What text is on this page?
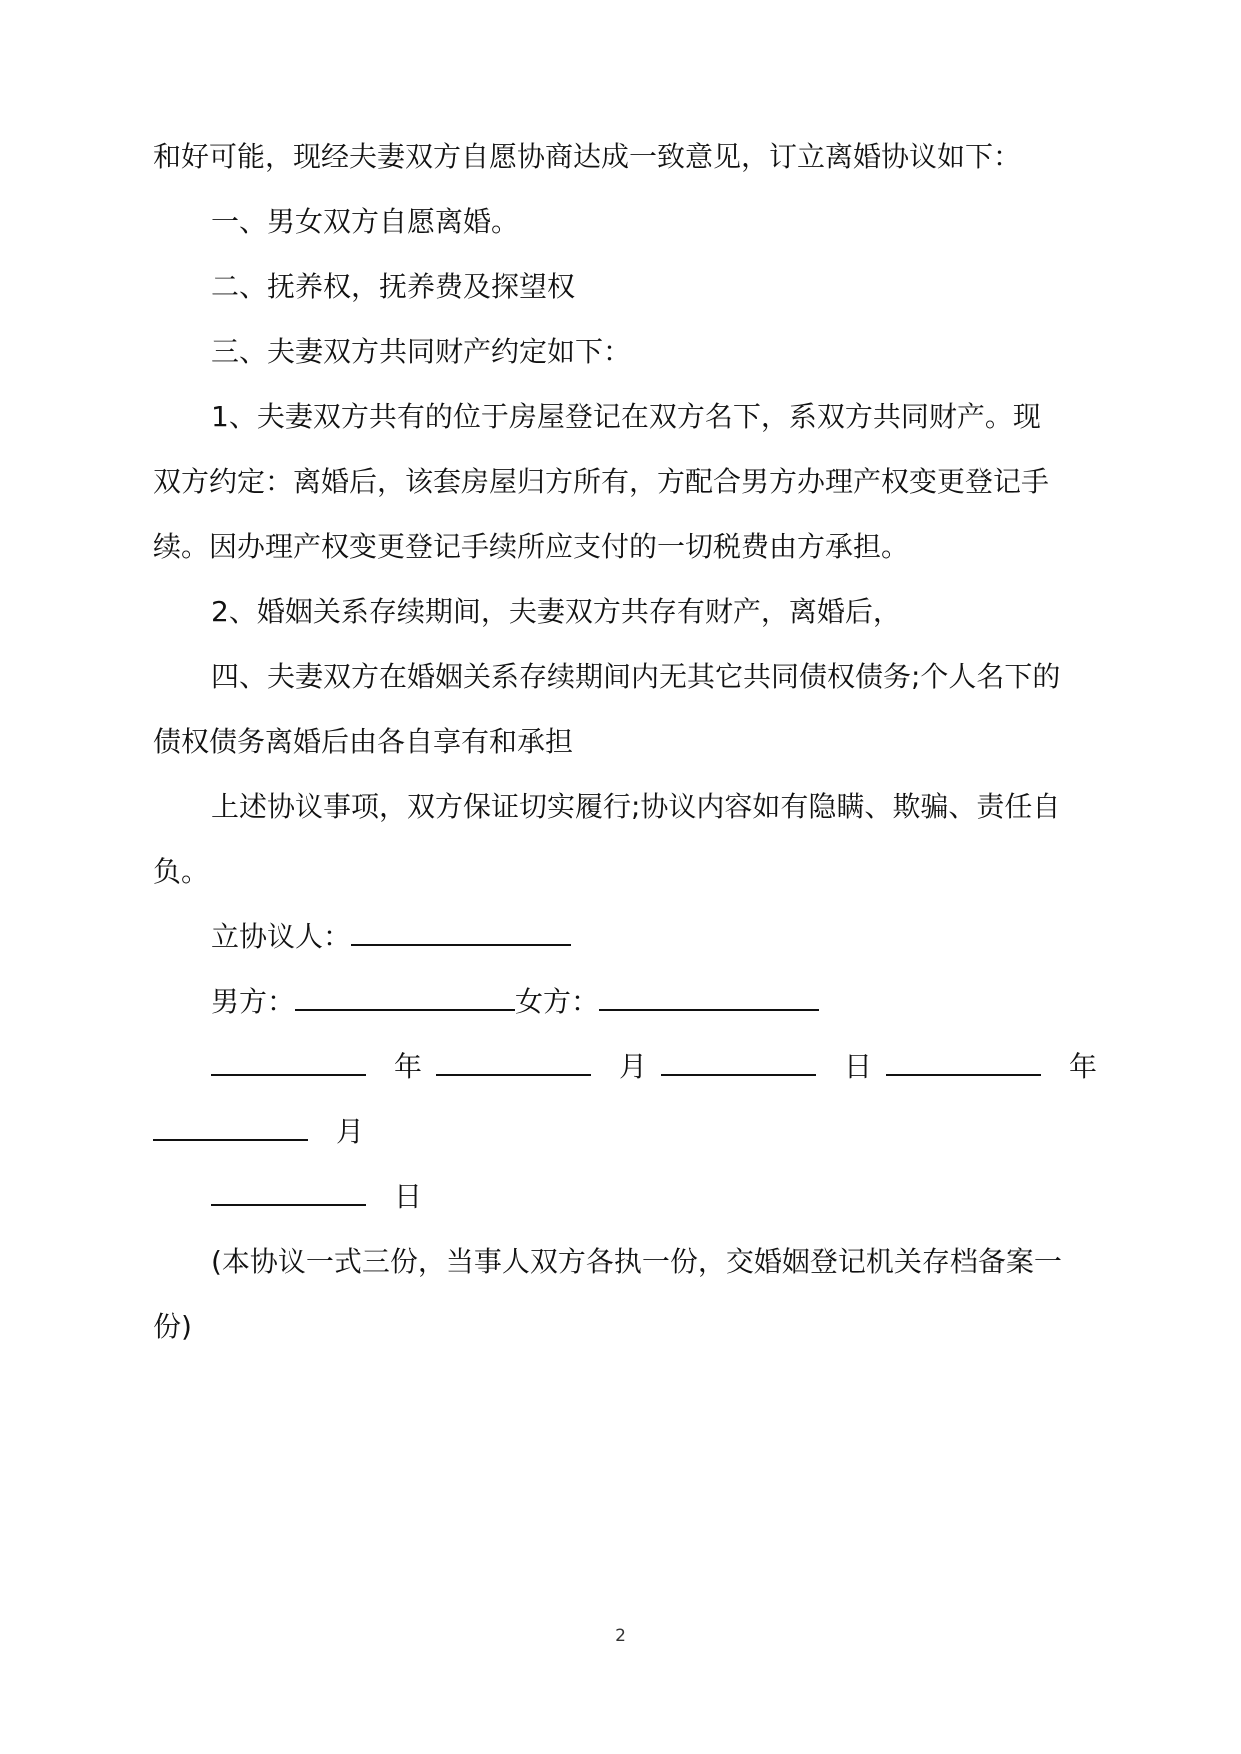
和好可能，现经夫妻双方自愿协商达成一致意见，订立离婚协议如下：

一、男女双方自愿离婚。

二、抚养权，抚养费及探望权

三、夫妻双方共同财产约定如下：

1、夫妻双方共有的位于房屋登记在双方名下，系双方共同财产。现

双方约定：离婚后，该套房屋归方所有，方配合男方办理产权变更登记手

续。因办理产权变更登记手续所应支付的一切税费由方承担。

2、婚姻关系存续期间，夫妻双方共存有财产，离婚后，

四、夫妻双方在婚姻关系存续期间内无其它共同债权债务;个人名下的

债权债务离婚后由各自享有和承担

上述协议事项，双方保证切实履行;协议内容如有隐瞒、欺骗、责任自

负。

立协议人：

男方：	女方：

年	月	日	年

月

日

(本协议一式三份，当事人双方各执一份，交婚姻登记机关存档备案一

份)

2
